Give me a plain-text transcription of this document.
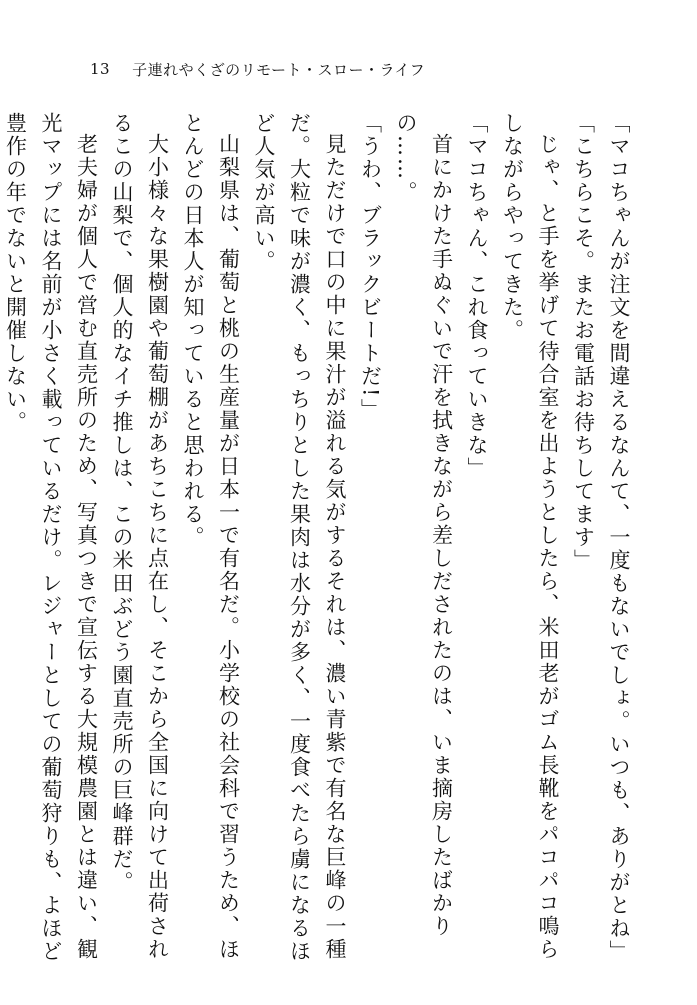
13 子連れやくざのリモート・スロー・ライフ

「マコちゃんが注文を間違えるなんて、一度もないでしょ。いつも、ありがとね」

「こちらこそ。またお電話お待ちしてます」

じゃ、と手を挙げて待合室を出ようとしたら、米田老がゴム長靴をパコパコ鳴らしながらやってきた。

「マコちゃん、これ食っていきな」

首にかけた手ぬぐいで汗を拭きながら差しだされたのは、いま摘房したばかりの……。

「うわ、ブラックビートだ!」

見ただけで口の中に果汁が溢れる気がするそれは、濃い青紫で有名な巨峰の一種だ。大粒で味が濃く、もっちりとした果肉は水分が多く、一度食べたら虜になるほど人気が高い。

山梨県は、葡萄と桃の生産量が日本一で有名だ。小学校の社会科で習うため、ほとんどの日本人が知っていると思われる。

大小様々な果樹園や葡萄棚があちこちに点在し、そこから全国に向けて出荷されるこの山梨で、個人的なイチ推しは、この米田ぶどう園直売所の巨峰群だ。

老夫婦が個人で営む直売所のため、写真つきで宣伝する大規模農園とは違い、観光マップには名前が小さく載っているだけ。レジャーとしての葡萄狩りも、よほど豊作の年でないと開催しない。
